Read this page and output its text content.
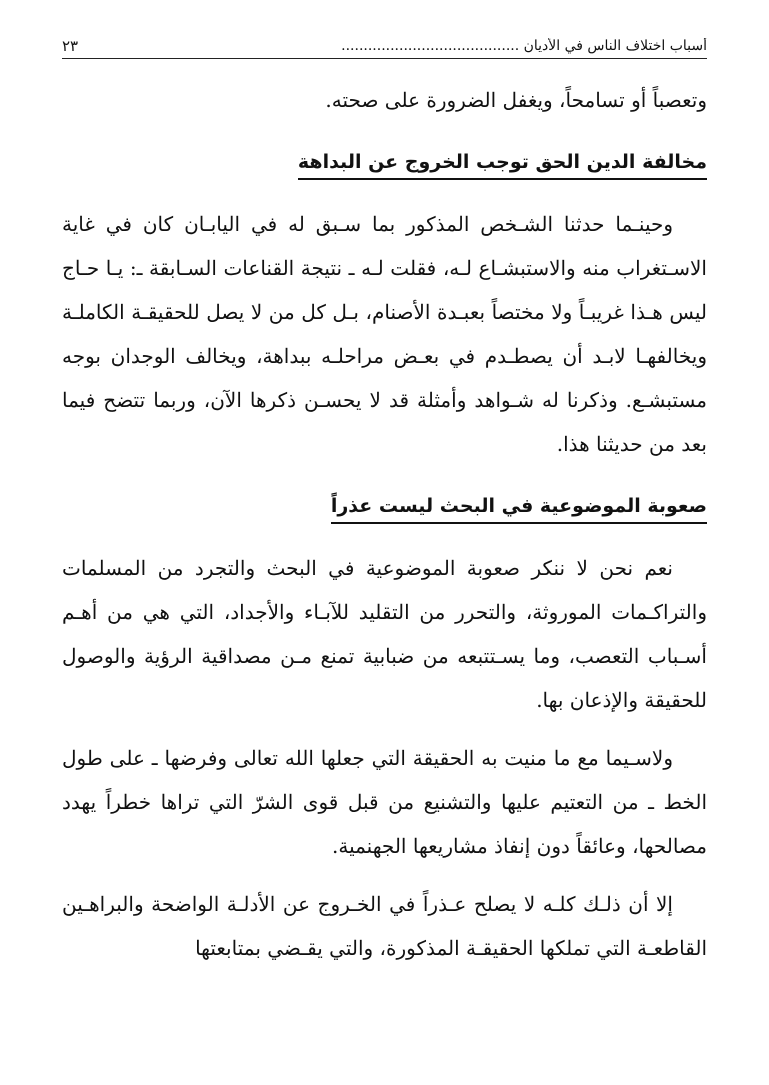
أسباب اختلاف الناس في الأديان ........................................
٢٣

وتعصباً أو تسامحاً، ويغفل الضرورة على صحته.

مخالفة الدين الحق توجب الخروج عن البداهة

وحينـما حدثنا الشـخص المذكور بما سـبق له في اليابـان كان في غاية الاسـتغراب منه والاستبشـاع لـه، فقلت لـه ـ نتيجة القناعات السـابقة ـ: يـا حـاج ليس هـذا غريبـاً ولا مختصاً بعبـدة الأصنام، بـل كل من لا يصل للحقيقـة الكاملـة ويخالفهـا لابـد أن يصطـدم في بعـض مراحلـه ببداهة، ويخالف الوجدان بوجه مستبشـع. وذكرنا له شـواهد وأمثلة قد لا يحسـن ذكرها الآن، وربما تتضح فيما بعد من حديثنا هذا.

صعوبة الموضوعية في البحث ليست عذراً

نعم نحن لا ننكر صعوبة الموضوعية في البحث والتجرد من المسلمات والتراكـمات الموروثة، والتحرر من التقليد للآبـاء والأجداد، التي هي من أهـم أسـباب التعصب، وما يسـتتبعه من ضبابية تمنع مـن مصداقية الرؤية والوصول للحقيقة والإذعان بها.

ولاسـيما مع ما منيت به الحقيقة التي جعلها الله تعالى وفرضها ـ على طول الخط ـ من التعتيم عليها والتشنيع من قبل قوى الشرّ التي تراها خطراً يهدد مصالحها، وعائقاً دون إنفاذ مشاريعها الجهنمية.

إلا أن ذلـك كلـه لا يصلح عـذراً في الخـروج عن الأدلـة الواضحة والبراهـين القاطعـة التي تملكها الحقيقـة المذكورة، والتي يقـضي بمتابعتها
